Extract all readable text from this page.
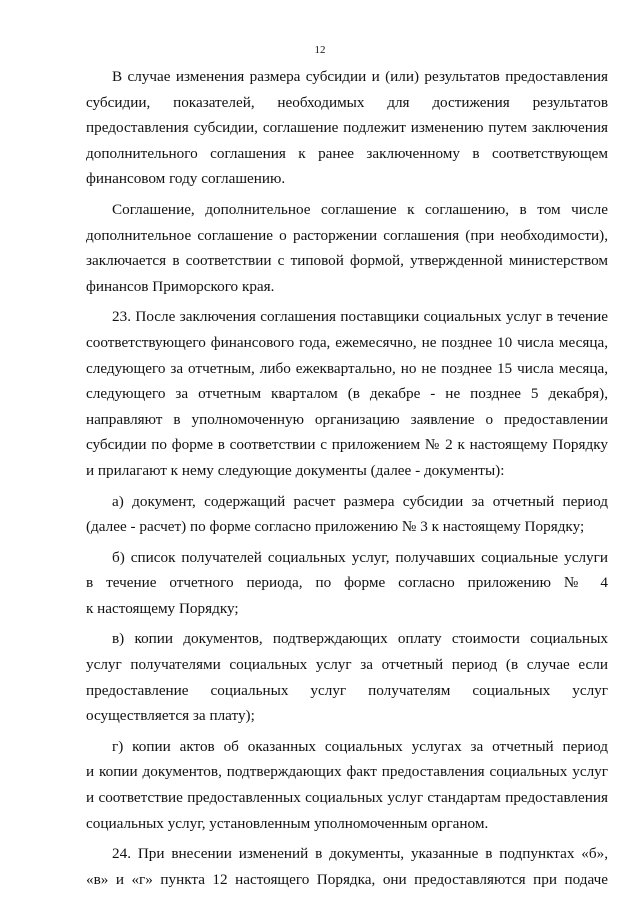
12
В случае изменения размера субсидии и (или) результатов предоставления
субсидии, показателей, необходимых для достижения результатов
предоставления субсидии, соглашение подлежит изменению путем заключения
дополнительного соглашения к ранее заключенному в соответствующем
финансовом году соглашению.
Соглашение, дополнительное соглашение к соглашению, в том числе
дополнительное соглашение о расторжении соглашения (при необходимости),
заключается в соответствии с типовой формой, утвержденной министерством
финансов Приморского края.
23. После заключения соглашения поставщики социальных услуг в течение
соответствующего финансового года, ежемесячно, не позднее 10 числа месяца,
следующего за отчетным, либо ежеквартально, но не позднее 15 числа месяца,
следующего за отчетным кварталом (в декабре - не позднее 5 декабря),
направляют в уполномоченную организацию заявление о предоставлении
субсидии по форме в соответствии с приложением № 2 к настоящему Порядку
и прилагают к нему следующие документы (далее - документы):
а) документ, содержащий расчет размера субсидии за отчетный период
(далее - расчет) по форме согласно приложению № 3 к настоящему Порядку;
б) список получателей социальных услуг, получавших социальные услуги
в течение отчетного периода, по форме согласно приложению № 4
к настоящему Порядку;
в) копии документов, подтверждающих оплату стоимости социальных
услуг получателями социальных услуг за отчетный период (в случае если
предоставление социальных услуг получателям социальных услуг
осуществляется за плату);
г) копии актов об оказанных социальных услугах за отчетный период
и копии документов, подтверждающих факт предоставления социальных услуг
и соответствие предоставленных социальных услуг стандартам предоставления
социальных услуг, установленным уполномоченным органом.
24. При внесении изменений в документы, указанные в подпунктах «б»,
«в» и «г» пункта 12 настоящего Порядка, они предоставляются при подаче
